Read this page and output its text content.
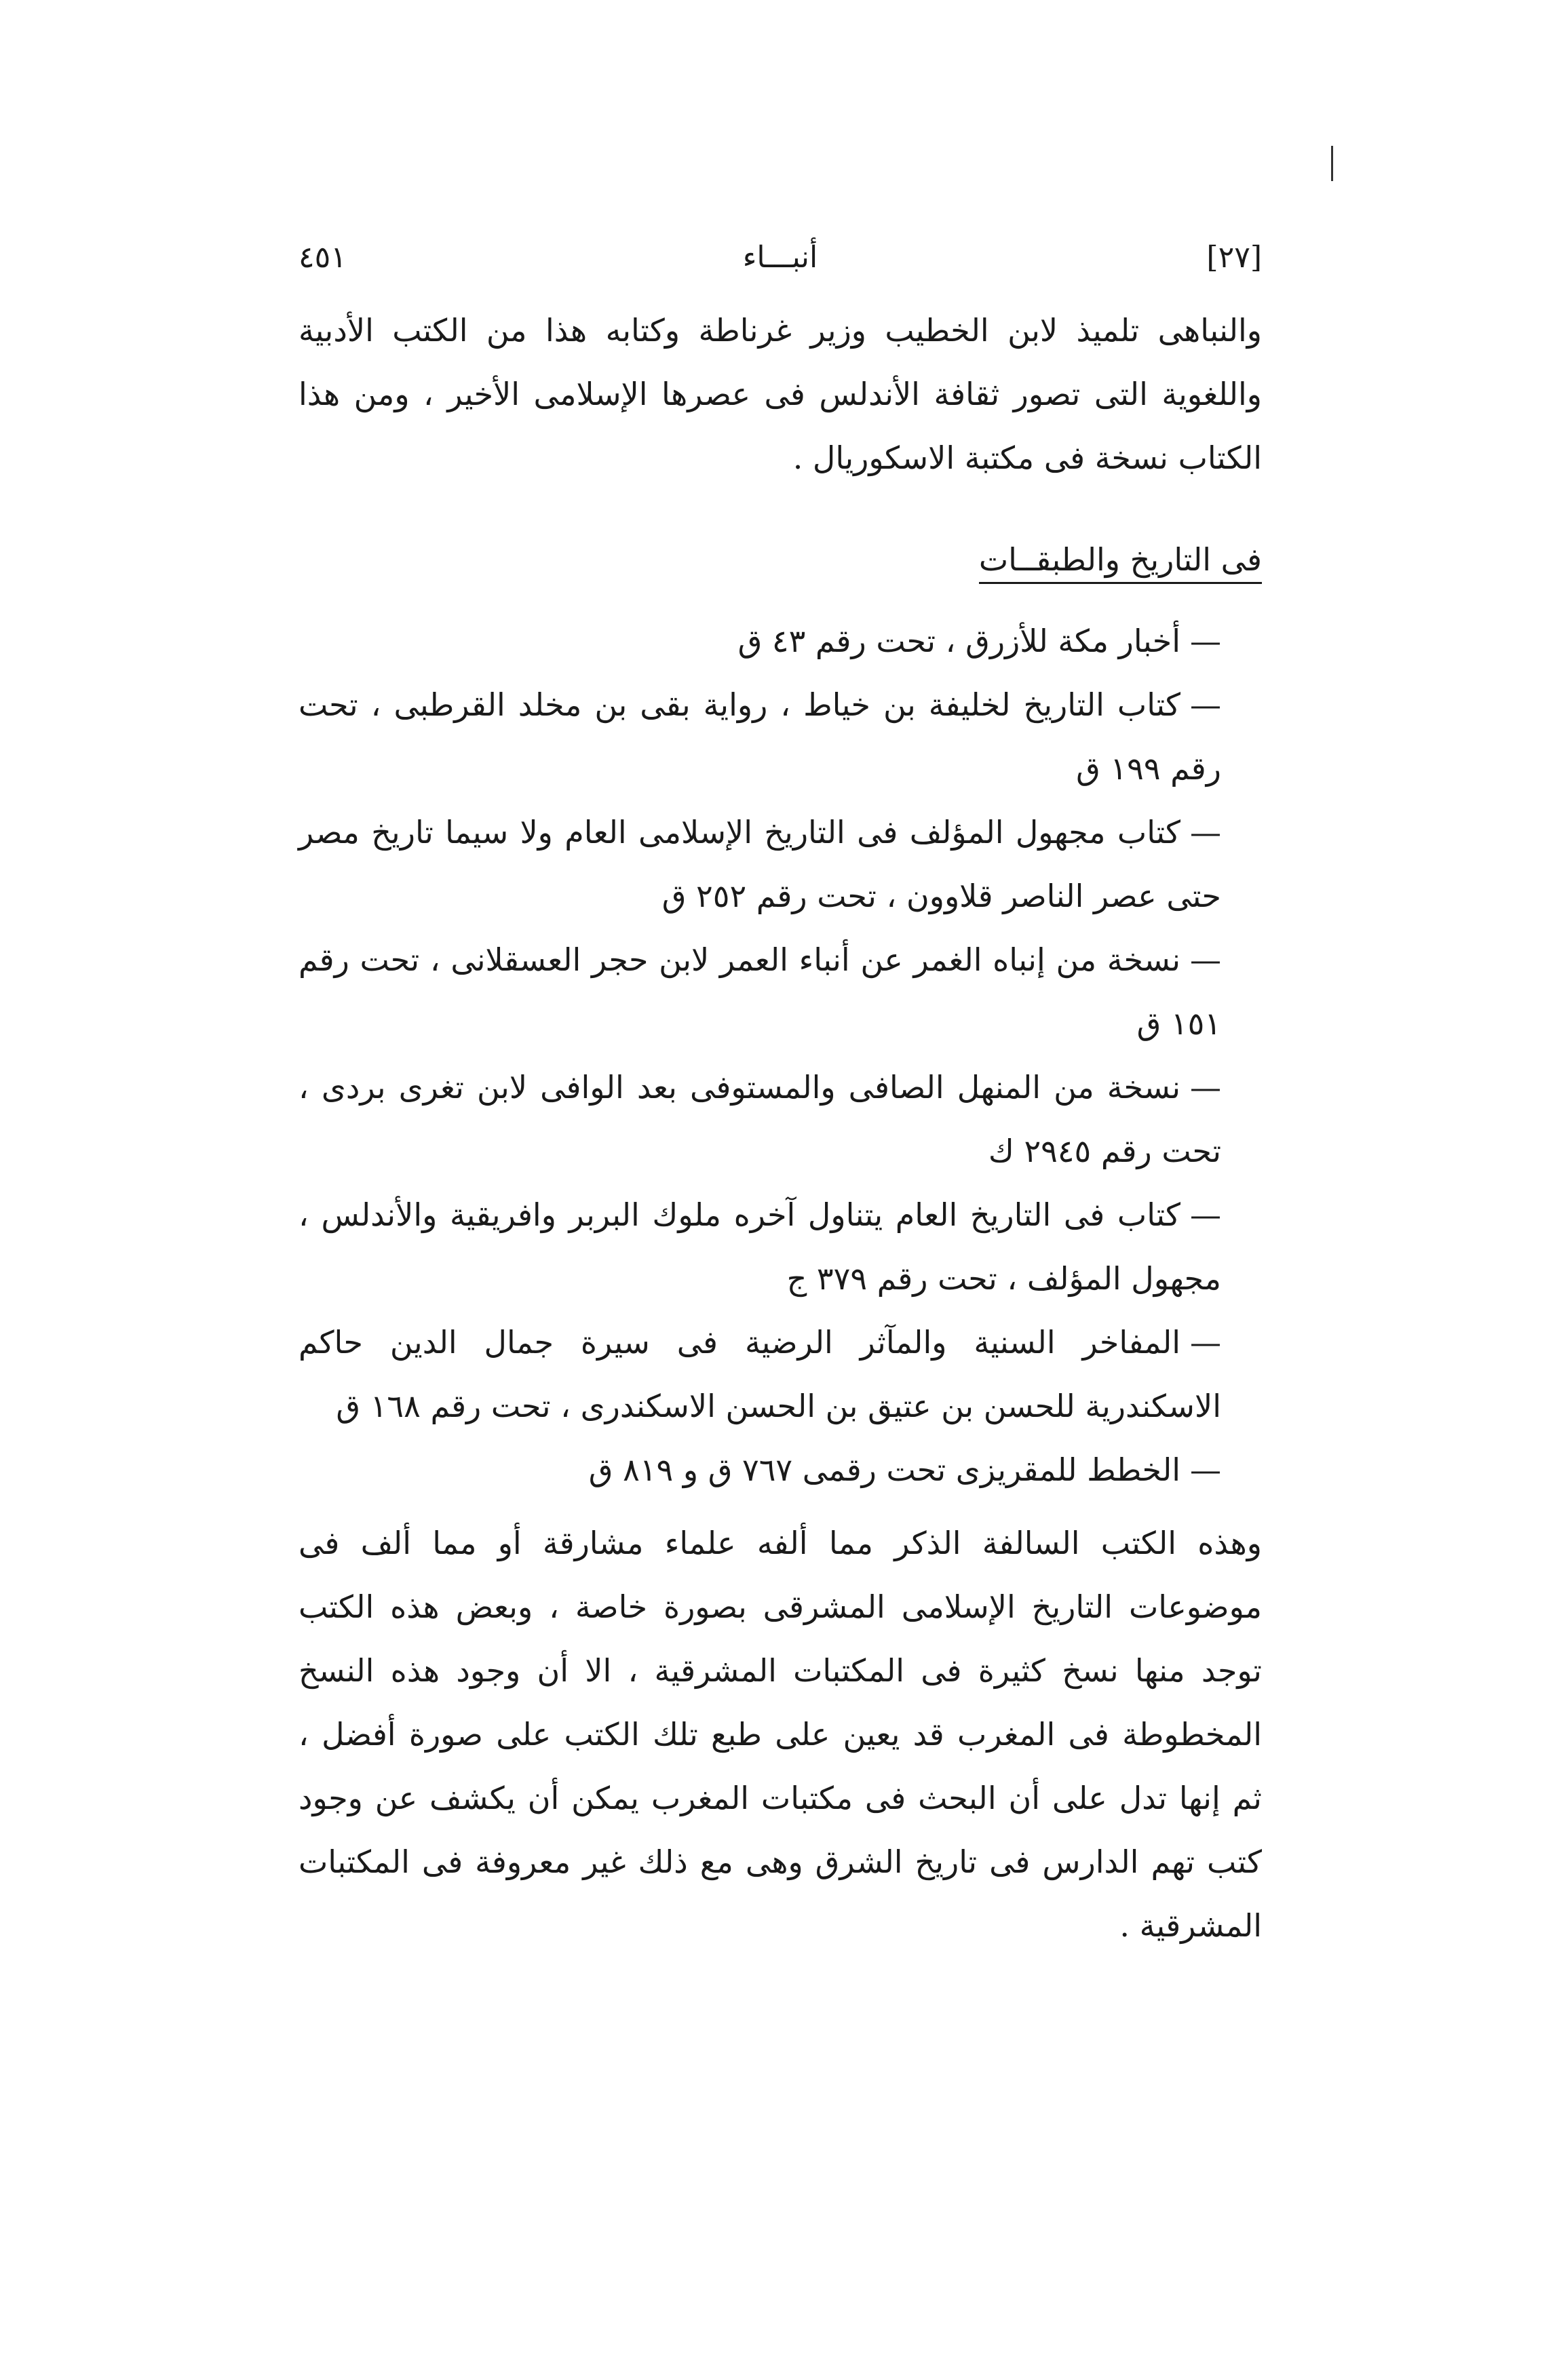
٤٥١	أنبـــاء	[٢٧]

والنباهى تلميذ لابن الخطيب وزير غرناطة وكتابه هذا من الكتب الأدبية واللغوية التى تصور ثقافة الأندلس فى عصرها الإسلامى الأخير ، ومن هذا الكتاب نسخة فى مكتبة الاسكوريال .

فى التاريخ والطبقــات
—أخبار مكة للأزرق ، تحت رقم ٤٣ ق
—كتاب التاريخ لخليفة بن خياط ، رواية بقى بن مخلد القرطبى ، تحت رقم ١٩٩ ق
—كتاب مجهول المؤلف فى التاريخ الإسلامى العام ولا سيما تاريخ مصر حتى عصر الناصر قلاوون ، تحت رقم ٢٥٢ ق
—نسخة من إنباه الغمر عن أنباء العمر لابن حجر العسقلانى ، تحت رقم ١٥١ ق
—نسخة من المنهل الصافى والمستوفى بعد الوافى لابن تغرى بردى ، تحت رقم ٢٩٤٥ ك
—كتاب فى التاريخ العام يتناول آخره ملوك البربر وافريقية والأندلس ، مجهول المؤلف ، تحت رقم ٣٧٩ ج
—المفاخر السنية والمآثر الرضية فى سيرة جمال الدين حاكم الاسكندرية للحسن بن عتيق بن الحسن الاسكندرى ، تحت رقم ١٦٨ ق
—الخطط للمقريزى تحت رقمى ٧٦٧ ق و ٨١٩ ق

وهذه الكتب السالفة الذكر مما ألفه علماء مشارقة أو مما ألف فى موضوعات التاريخ الإسلامى المشرقى بصورة خاصة ، وبعض هذه الكتب توجد منها نسخ كثيرة فى المكتبات المشرقية ، الا أن وجود هذه النسخ المخطوطة فى المغرب قد يعين على طبع تلك الكتب على صورة أفضل ، ثم إنها تدل على أن البحث فى مكتبات المغرب يمكن أن يكشف عن وجود كتب تهم الدارس فى تاريخ الشرق وهى مع ذلك غير معروفة فى المكتبات المشرقية .
